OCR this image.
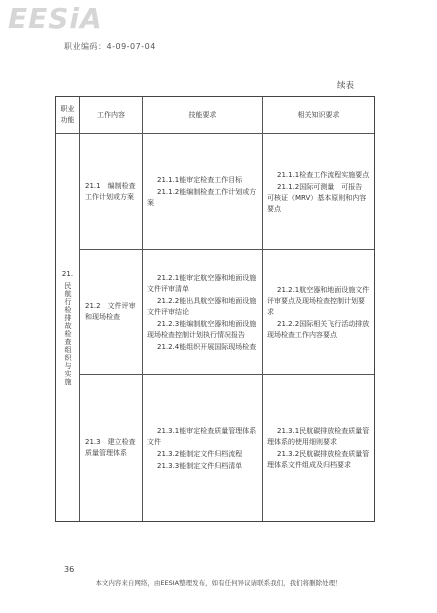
EESiA
职业编码：4-09-07-04
续表
职业
功能
工作内容	技能要求	相关知识要求
21.
民航行检排故检查组织与实施
21.1　编制检查工作计划或方案

21.1.1能审定检查工作目标

21.1.2能编制检查工作计划或方案

21.1.1检查工作流程实施要点

21.1.2国际可测量　可报告　可核证（MRV）基本原则和内容要点

21.2　文件评审和现场检查

21.2.1能审定航空器和地面设施文件评审清单

21.2.2能出具航空器和地面设施文件评审结论

21.2.3能编制航空器和地面设施现场检查控制计划执行情况报告

21.2.4能组织开展国际现场检查

21.2.1航空器和地面设施文件评审要点及现场检查控制计划要求

21.2.2国际相关飞行活动排放现场检查工作内容要点

21.3　建立检查质量管理体系

21.3.1能审定检查质量管理体系文件

21.3.2能制定文件归档流程

21.3.3能制定文件归档清单

21.3.1民航碳排放检查质量管理体系的使用细则要求

21.3.2民航碳排放检查质量管理体系文件组成及归档要求

36
本文内容来自网络，由EESIA整理发布，如有任何异议请联系我们，我们将删除处理！
